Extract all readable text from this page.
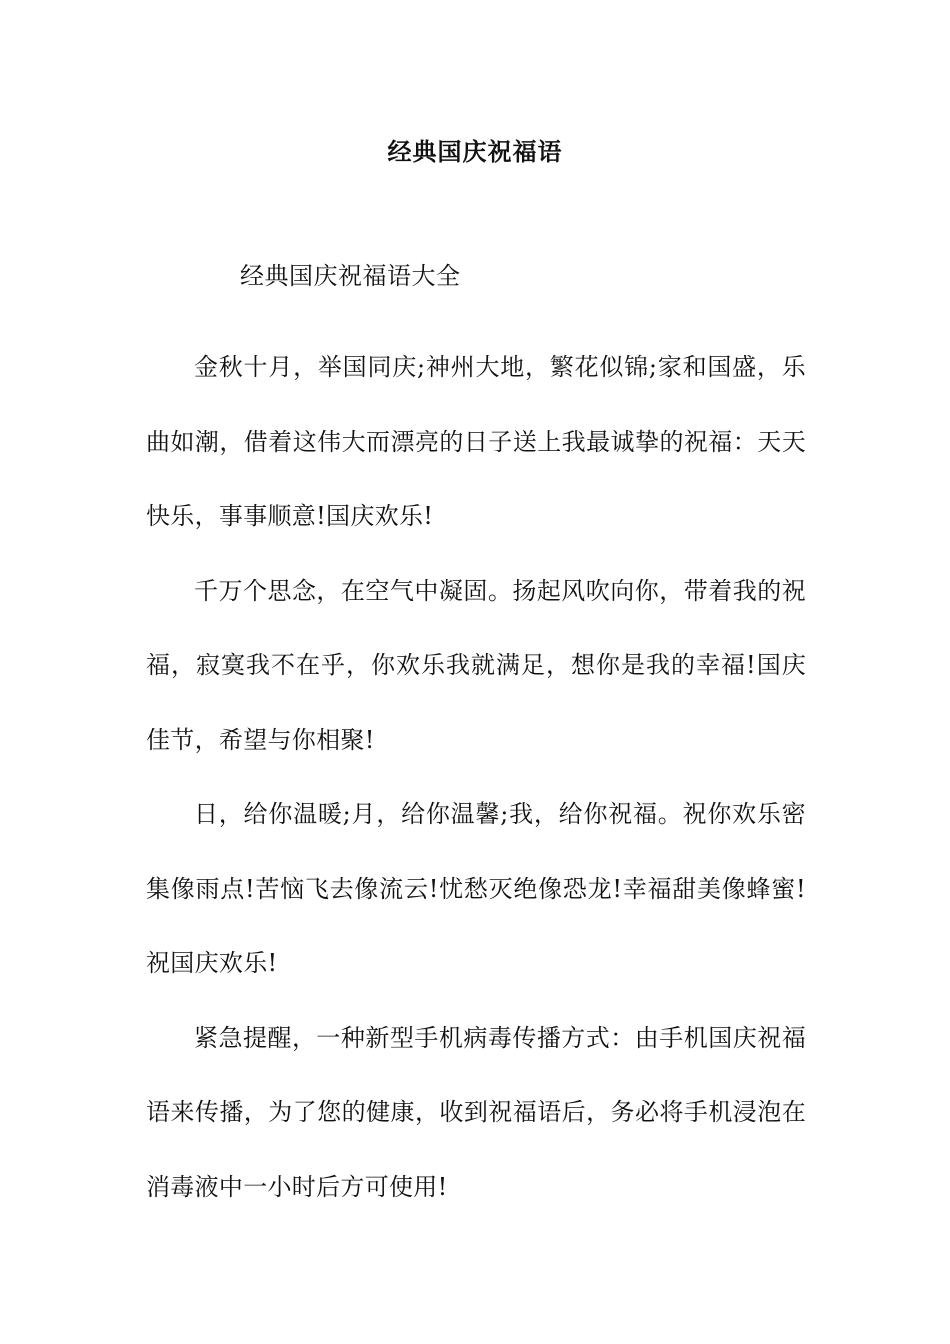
经典国庆祝福语
经典国庆祝福语大全

金秋十月，举国同庆;神州大地，繁花似锦;家和国盛，乐曲如潮，借着这伟大而漂亮的日子送上我最诚挚的祝福：天天快乐，事事顺意!国庆欢乐!

千万个思念，在空气中凝固。扬起风吹向你，带着我的祝福，寂寞我不在乎，你欢乐我就满足，想你是我的幸福!国庆佳节，希望与你相聚!

日，给你温暖;月，给你温馨;我，给你祝福。祝你欢乐密集像雨点!苦恼飞去像流云!忧愁灭绝像恐龙!幸福甜美像蜂蜜!祝国庆欢乐!

紧急提醒，一种新型手机病毒传播方式：由手机国庆祝福语来传播，为了您的健康，收到祝福语后，务必将手机浸泡在消毒液中一小时后方可使用!
